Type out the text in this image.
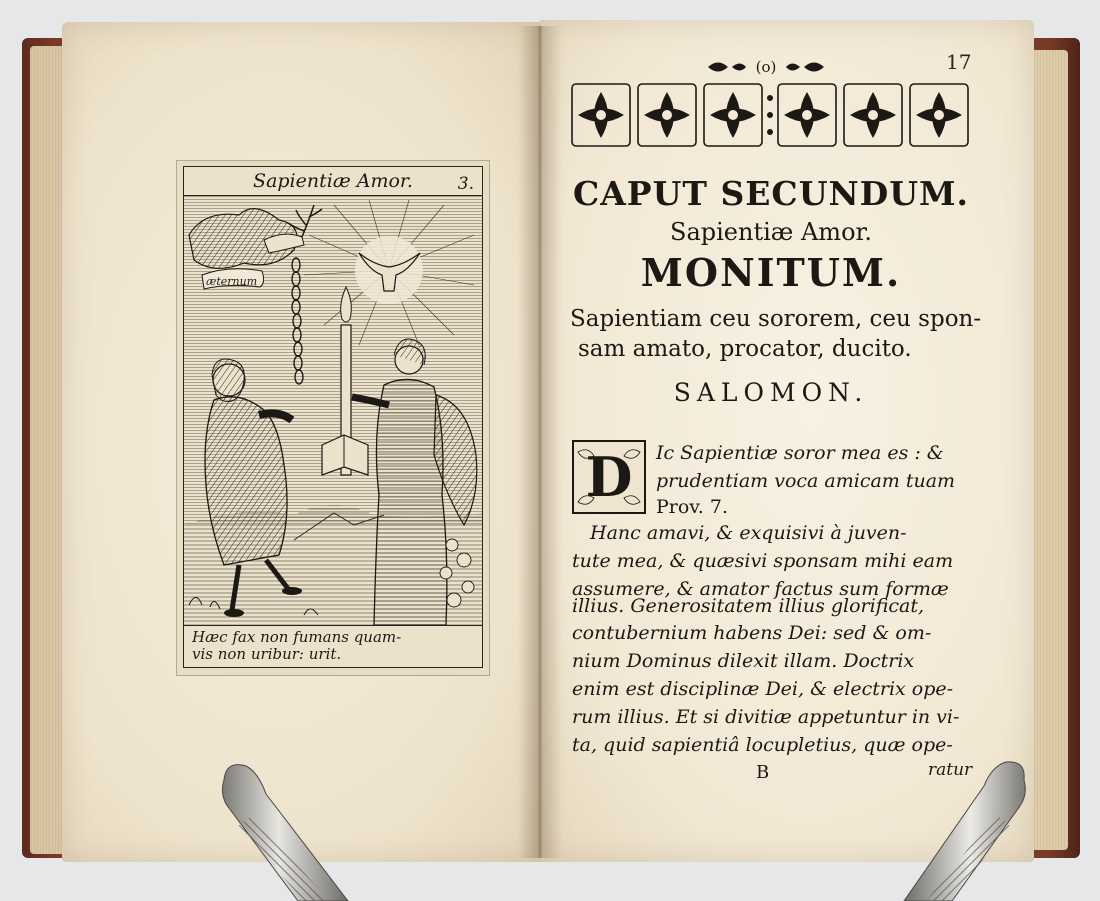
Sapientiæ Amor.	3.
æternum
Hæc fax non fumans quam-
vis non uribur: urit.
17
(o)
CAPUT SECUNDUM.
Sapientiæ Amor.
MONITUM.
Sapientiam ceu sororem, ceu spon-
sam amato, procator, ducito.
SALOMON.
D	Ic Sapientiæ soror mea es : &
prudentiam voca amicam tuam
Prov. 7.
Hanc amavi, & exquisivi à juven-
tute mea, & quæsivi sponsam mihi eam
assumere, & amator factus sum formæ
illius. Generositatem illius glorificat,
contubernium habens Dei: sed & om-
nium Dominus dilexit illam. Doctrix
enim est disciplinæ Dei, & electrix ope-
rum illius. Et si divitiæ appetuntur in vi-
ta, quid sapientiâ locupletius, quæ ope-
B	ratur
